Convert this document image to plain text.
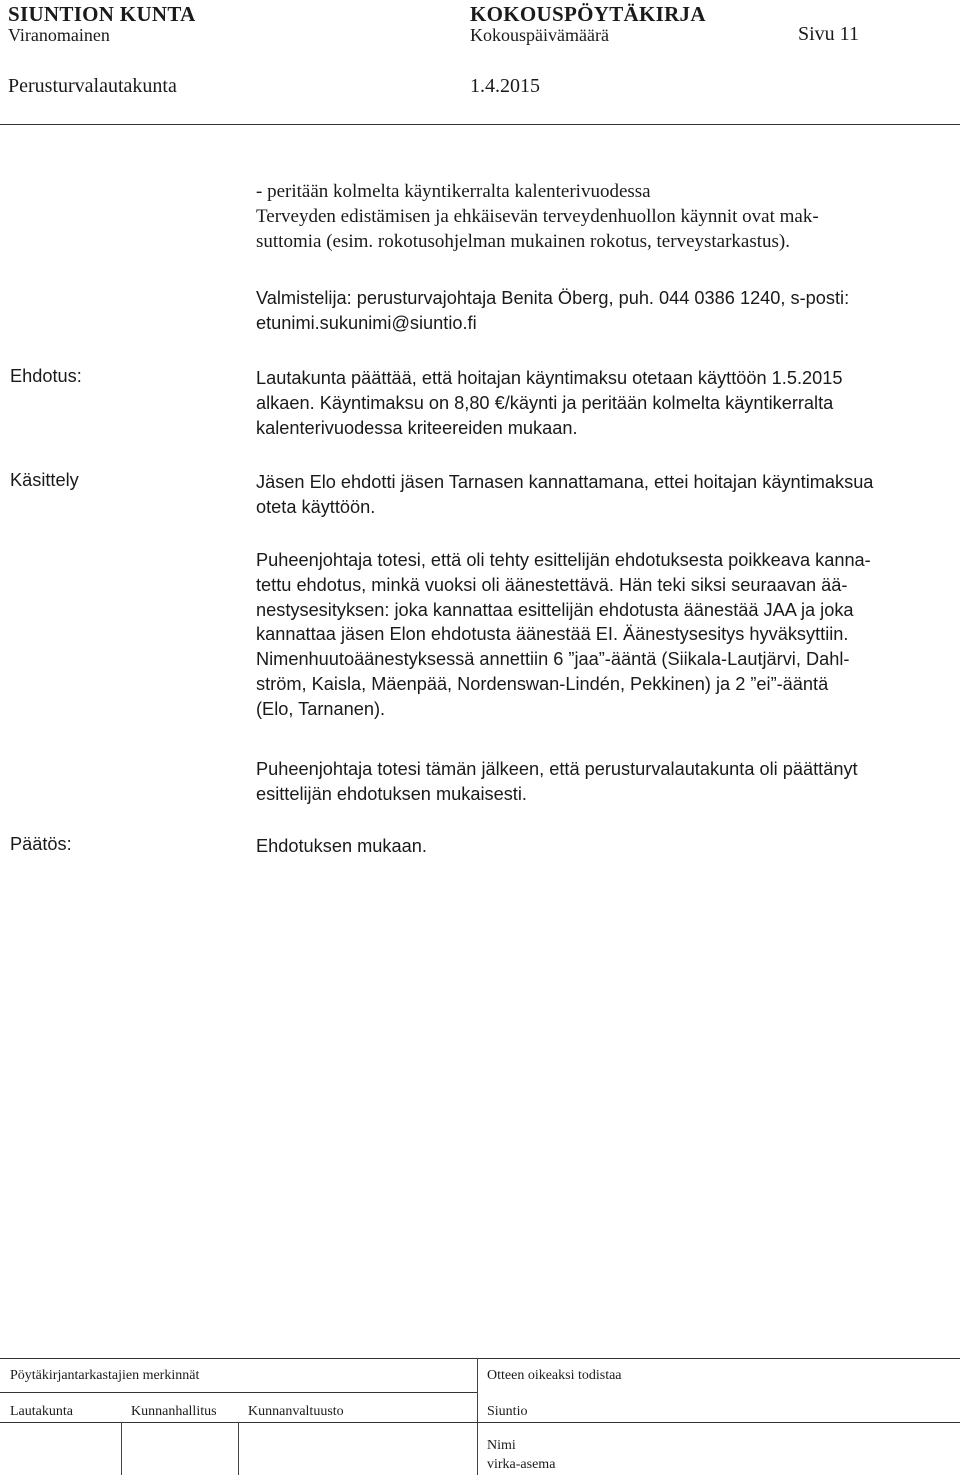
SIUNTION KUNTA	KOKOUSPÖYTÄKIRJA
Viranomainen	Kokouspäivämäärä	Sivu 11
Perusturvalautakunta	1.4.2015
- peritään kolmelta käyntikerralta kalenterivuodessa
Terveyden edistämisen ja ehkäisevän terveydenhuollon käynnit ovat mak-
suttomia (esim. rokotusohjelman mukainen rokotus, terveystarkastus).
Valmistelija: perusturvajohtaja Benita Öberg, puh. 044 0386 1240, s-posti:
etunimi.sukunimi@siuntio.fi
Ehdotus:	Lautakunta päättää, että hoitajan käyntimaksu otetaan käyttöön 1.5.2015
alkaen. Käyntimaksu on 8,80 €/käynti ja peritään kolmelta käyntikerralta
kalenterivuodessa kriteereiden mukaan.
Käsittely	Jäsen Elo ehdotti jäsen Tarnasen kannattamana, ettei hoitajan käyntimaksua
oteta käyttöön.
Puheenjohtaja totesi, että oli tehty esittelijän ehdotuksesta poikkeava kanna-
tettu ehdotus, minkä vuoksi oli äänestettävä. Hän teki siksi seuraavan ää-
nestysesityksen: joka kannattaa esittelijän ehdotusta äänestää JAA ja joka
kannattaa jäsen Elon ehdotusta äänestää EI. Äänestysesitys hyväksyttiin.
Nimenhuutoäänestyksessä annettiin 6 ”jaa”-ääntä (Siikala-Lautjärvi, Dahl-
ström, Kaisla, Mäenpää, Nordenswan-Lindén, Pekkinen) ja 2 ”ei”-ääntä
(Elo, Tarnanen).
Puheenjohtaja totesi tämän jälkeen, että perusturvalautakunta oli päättänyt
esittelijän ehdotuksen mukaisesti.
Päätös:	Ehdotuksen mukaan.
Pöytäkirjantarkastajien merkinnät	Otteen oikeaksi todistaa
Lautakunta	Kunnanhallitus Kunnanvaltuusto	Siuntio
Nimi
virka-asema
